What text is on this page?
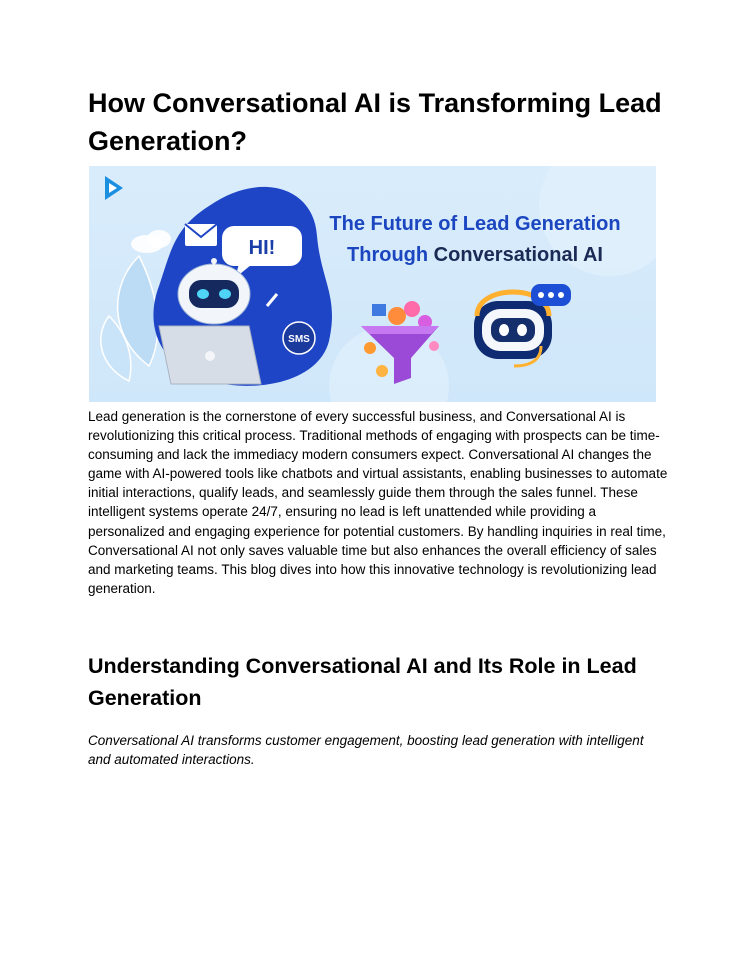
How Conversational AI is Transforming Lead Generation?
HI!
SMS
The Future of Lead Generation
Through Conversational AI

Lead generation is the cornerstone of every successful business, and Conversational AI is revolutionizing this critical process. Traditional methods of engaging with prospects can be time-consuming and lack the immediacy modern consumers expect. Conversational AI changes the game with AI-powered tools like chatbots and virtual assistants, enabling businesses to automate initial interactions, qualify leads, and seamlessly guide them through the sales funnel. These intelligent systems operate 24/7, ensuring no lead is left unattended while providing a personalized and engaging experience for potential customers. By handling inquiries in real time, Conversational AI not only saves valuable time but also enhances the overall efficiency of sales and marketing teams. This blog dives into how this innovative technology is revolutionizing lead generation.

Understanding Conversational AI and Its Role in Lead Generation

Conversational AI transforms customer engagement, boosting lead generation with intelligent and automated interactions.
